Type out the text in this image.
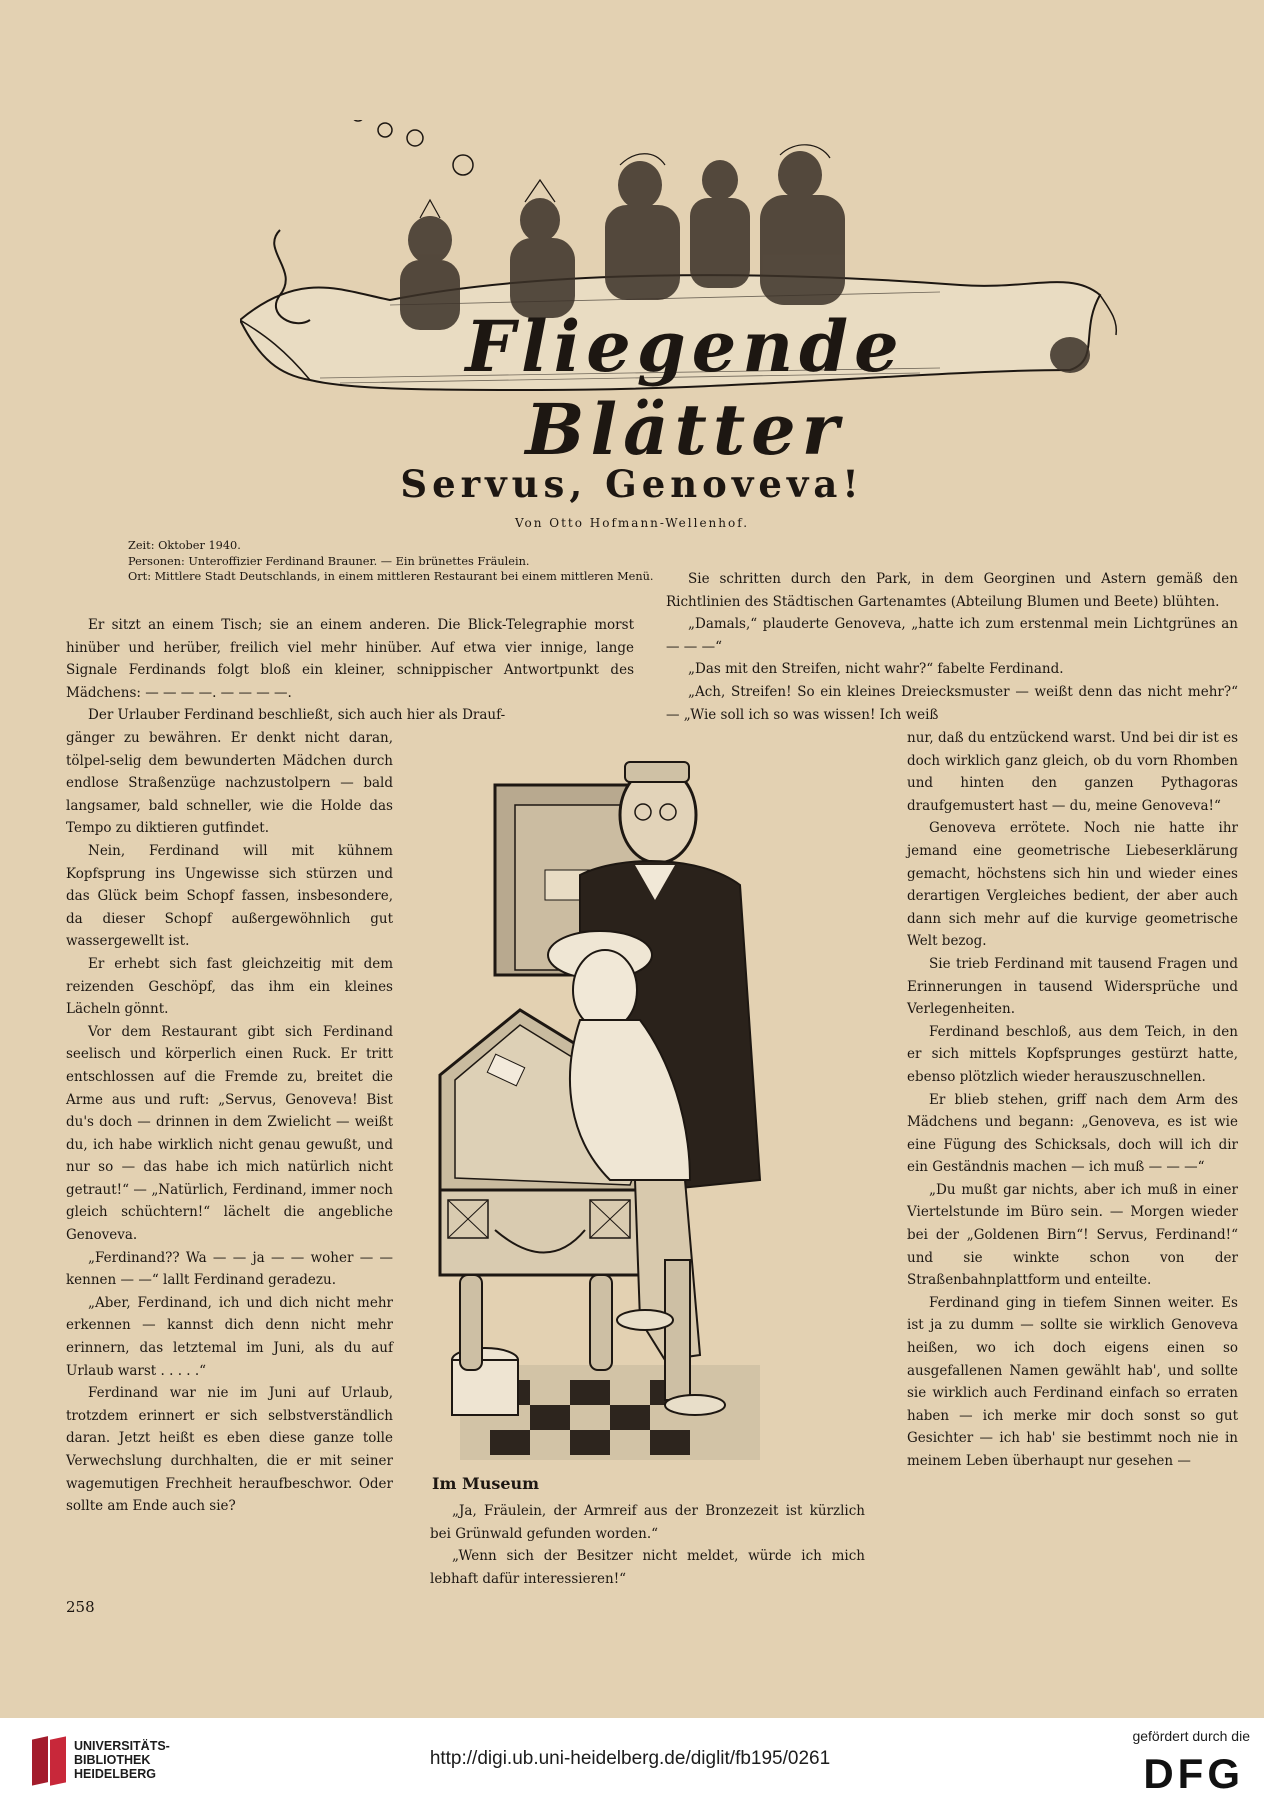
Fliegende Blätter
Servus, Genoveva!
Von Otto Hofmann-Wellenhof.

Zeit: Oktober 1940.

Personen: Unteroffizier Ferdinand Brauner. — Ein brünettes Fräulein.

Ort: Mittlere Stadt Deutschlands, in einem mittleren Restaurant bei einem mittleren Menü.

Er sitzt an einem Tisch; sie an einem anderen. Die Blick-Telegraphie morst hinüber und herüber, freilich viel mehr hinüber. Auf etwa vier innige, lange Signale Ferdinands folgt bloß ein kleiner, schnippischer Antwortpunkt des Mädchens: — — — —. — — — —.

Der Urlauber Ferdinand beschließt, sich auch hier als Drauf-

gänger zu bewähren. Er denkt nicht daran, tölpel-selig dem bewunderten Mädchen durch endlose Straßenzüge nachzustolpern — bald langsamer, bald schneller, wie die Holde das Tempo zu diktieren gutfindet.

Nein, Ferdinand will mit kühnem Kopfsprung ins Ungewisse sich stürzen und das Glück beim Schopf fassen, insbesondere, da dieser Schopf außergewöhnlich gut wassergewellt ist.

Er erhebt sich fast gleichzeitig mit dem reizenden Geschöpf, das ihm ein kleines Lächeln gönnt.

Vor dem Restaurant gibt sich Ferdinand seelisch und körperlich einen Ruck. Er tritt entschlossen auf die Fremde zu, breitet die Arme aus und ruft: „Servus, Genoveva! Bist du's doch — drinnen in dem Zwielicht — weißt du, ich habe wirklich nicht genau gewußt, und nur so — das habe ich mich natürlich nicht getraut!“ — „Natürlich, Ferdinand, immer noch gleich schüchtern!“ lächelt die angebliche Genoveva.

„Ferdinand?? Wa — — ja — — woher — — kennen — —“ lallt Ferdinand geradezu.

„Aber, Ferdinand, ich und dich nicht mehr erkennen — kannst dich denn nicht mehr erinnern, das letztemal im Juni, als du auf Urlaub warst . . . . .“

Ferdinand war nie im Juni auf Urlaub, trotzdem erinnert er sich selbstverständlich daran. Jetzt heißt es eben diese ganze tolle Verwechslung durchhalten, die er mit seiner wagemutigen Frechheit heraufbeschwor. Oder sollte am Ende auch sie?

Sie schritten durch den Park, in dem Georginen und Astern gemäß den Richtlinien des Städtischen Gartenamtes (Abteilung Blumen und Beete) blühten.

„Damals,“ plauderte Genoveva, „hatte ich zum erstenmal mein Lichtgrünes an — — —“

„Das mit den Streifen, nicht wahr?“ fabelte Ferdinand.

„Ach, Streifen! So ein kleines Dreiecksmuster — weißt denn das nicht mehr?“ — „Wie soll ich so was wissen! Ich weiß

nur, daß du entzückend warst. Und bei dir ist es doch wirklich ganz gleich, ob du vorn Rhomben und hinten den ganzen Pythagoras draufgemustert hast — du, meine Genoveva!“

Genoveva errötete. Noch nie hatte ihr jemand eine geometrische Liebeserklärung gemacht, höchstens sich hin und wieder eines derartigen Vergleiches bedient, der aber auch dann sich mehr auf die kurvige geometrische Welt bezog.

Sie trieb Ferdinand mit tausend Fragen und Erinnerungen in tausend Widersprüche und Verlegenheiten.

Ferdinand beschloß, aus dem Teich, in den er sich mittels Kopfsprunges gestürzt hatte, ebenso plötzlich wieder herauszuschnellen.

Er blieb stehen, griff nach dem Arm des Mädchens und begann: „Genoveva, es ist wie eine Fügung des Schicksals, doch will ich dir ein Geständnis machen — ich muß — — —“

„Du mußt gar nichts, aber ich muß in einer Viertelstunde im Büro sein. — Morgen wieder bei der „Goldenen Birn“! Servus, Ferdinand!“ und sie winkte schon von der Straßenbahnplattform und enteilte.

Ferdinand ging in tiefem Sinnen weiter. Es ist ja zu dumm — sollte sie wirklich Genoveva heißen, wo ich doch eigens einen so ausgefallenen Namen gewählt hab', und sollte sie wirklich auch Ferdinand einfach so erraten haben — ich merke mir doch sonst so gut Gesichter — ich hab' sie bestimmt noch nie in meinem Leben überhaupt nur gesehen —

Im Museum

„Ja, Fräulein, der Armreif aus der Bronzezeit ist kürzlich bei Grünwald gefunden worden.“

„Wenn sich der Besitzer nicht meldet, würde ich mich lebhaft dafür interessieren!“

258
UNIVERSITÄTS-
BIBLIOTHEK
HEIDELBERG
http://digi.ub.uni-heidelberg.de/diglit/fb195/0261
gefördert durch die
DFG
